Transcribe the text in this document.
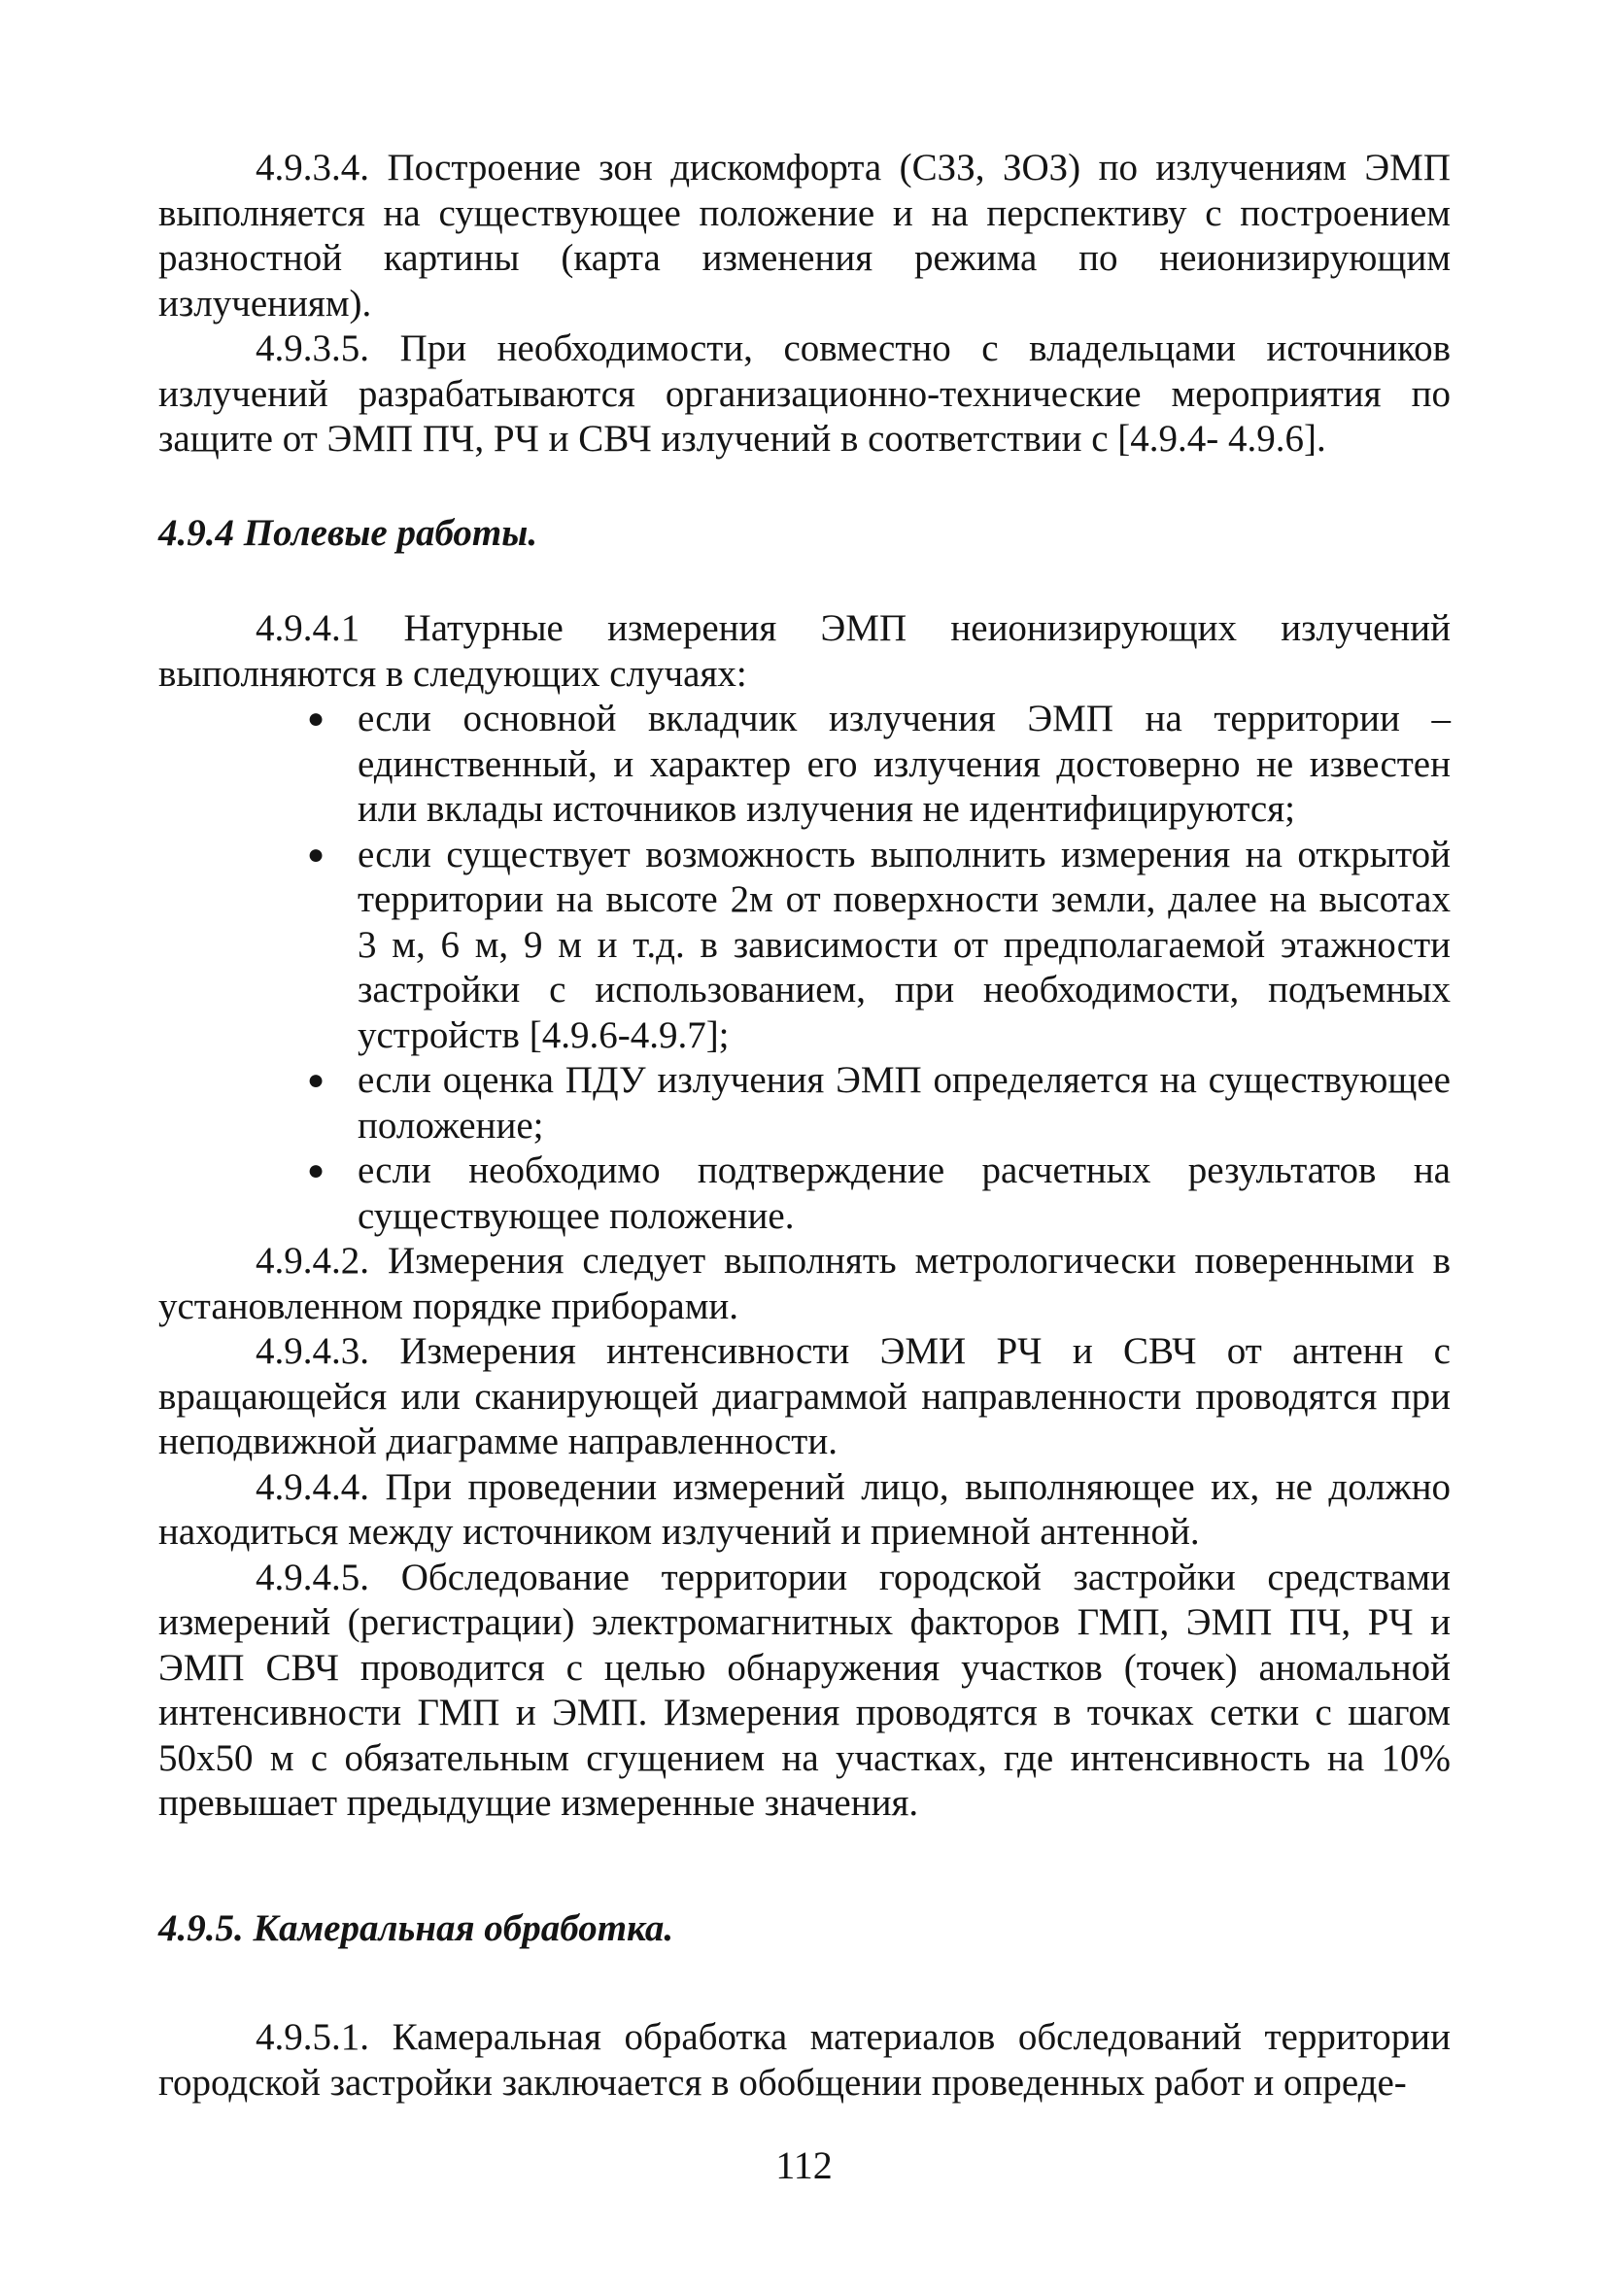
4.9.3.4. Построение зон дискомфорта (СЗЗ, ЗОЗ) по излучениям ЭМП выполняется на существующее положение и на перспективу с построением разностной картины (карта изменения режима по неионизирующим излучениям).

4.9.3.5. При необходимости, совместно с владельцами источников излучений разрабатываются организационно-технические мероприятия по защите от ЭМП ПЧ, РЧ и СВЧ излучений в соответствии с [4.9.4- 4.9.6].

4.9.4 Полевые работы.

4.9.4.1 Натурные измерения ЭМП неионизирующих излучений выполняются в следующих случаях:

● если основной вкладчик излучения ЭМП на территории – единственный, и характер его излучения достоверно не известен или вклады источников излучения не идентифицируются;
● если существует возможность выполнить измерения на открытой территории на высоте 2м от поверхности земли, далее на высотах 3 м, 6 м, 9 м и т.д. в зависимости от предполагаемой этажности застройки с использованием, при необходимости, подъемных устройств [4.9.6-4.9.7];
● если оценка ПДУ излучения ЭМП определяется на существующее положение;
● если необходимо подтверждение расчетных результатов на существующее положение.

4.9.4.2. Измерения следует выполнять метрологически поверенными в установленном порядке приборами.

4.9.4.3. Измерения интенсивности ЭМИ РЧ и СВЧ от антенн с вращающейся или сканирующей диаграммой направленности проводятся при неподвижной диаграмме направленности.

4.9.4.4. При проведении измерений лицо, выполняющее их, не должно находиться между источником излучений и приемной антенной.

4.9.4.5. Обследование территории городской застройки средствами измерений (регистрации) электромагнитных факторов ГМП, ЭМП ПЧ, РЧ и ЭМП СВЧ проводится с целью обнаружения участков (точек) аномальной интенсивности ГМП и ЭМП. Измерения проводятся в точках сетки с шагом 50х50 м с обязательным сгущением на участках, где интенсивность на 10% превышает предыдущие измеренные значения.

4.9.5. Камеральная обработка.

4.9.5.1. Камеральная обработка материалов обследований территории городской застройки заключается в обобщении проведенных работ и опреде-

112
